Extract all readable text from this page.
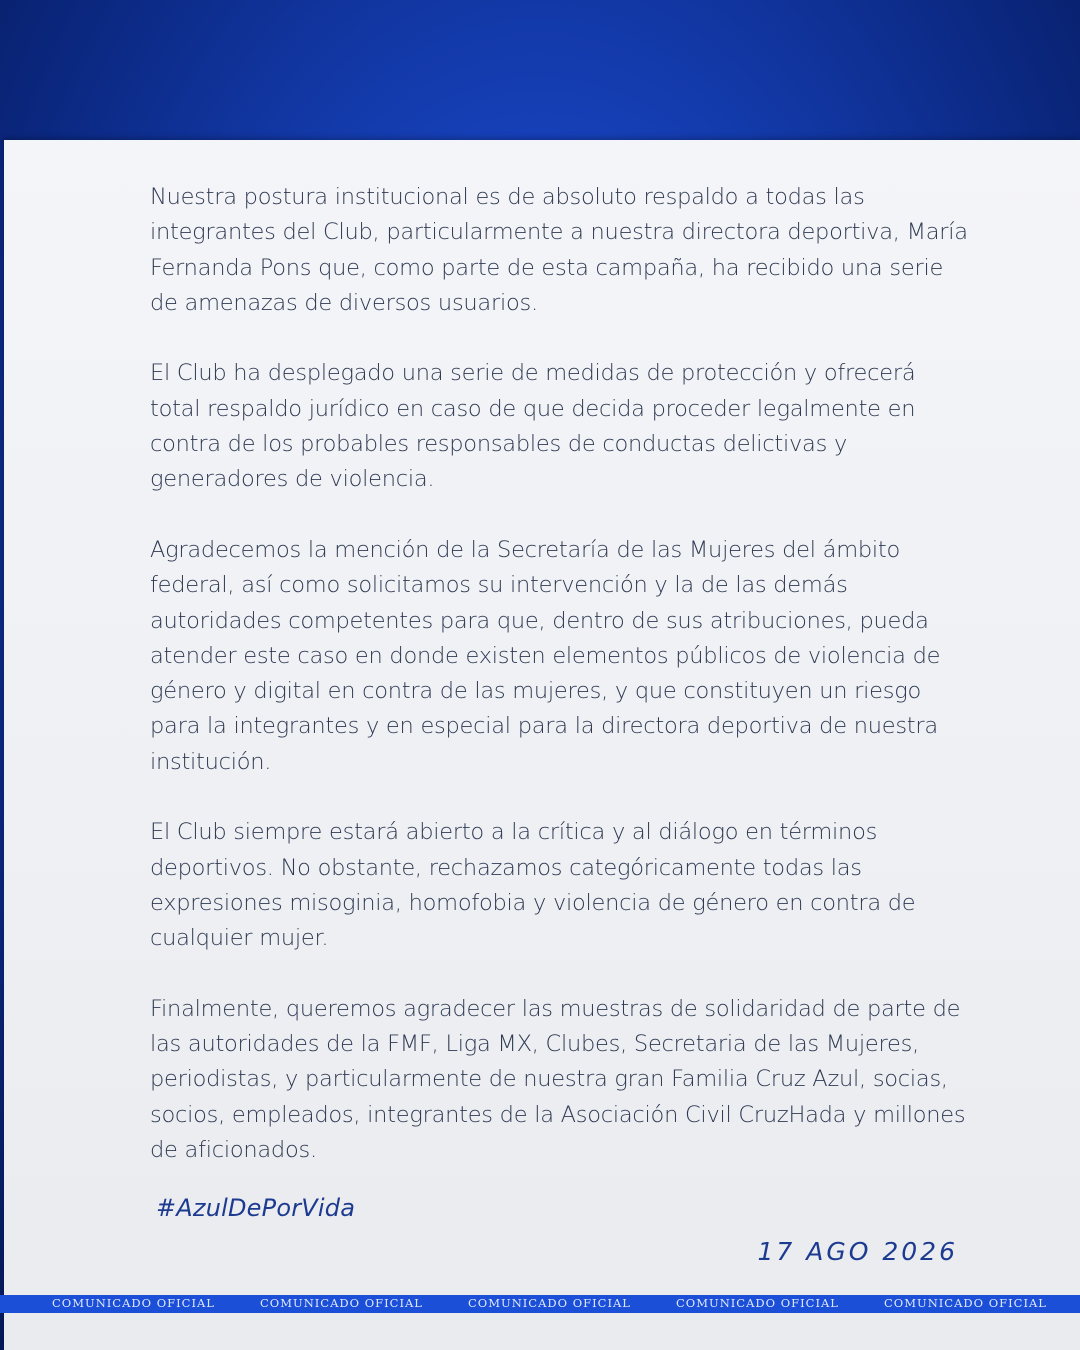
Nuestra postura institucional es de absoluto respaldo a todas las integrantes del Club, particularmente a nuestra directora deportiva, María Fernanda Pons que, como parte de esta campaña, ha recibido una serie de amenazas de diversos usuarios.

El Club ha desplegado una serie de medidas de protección y ofrecerá total respaldo jurídico en caso de que decida proceder legalmente en contra de los probables responsables de conductas delictivas y generadores de violencia.

Agradecemos la mención de la Secretaría de las Mujeres del ámbito federal, así como solicitamos su intervención y la de las demás autoridades competentes para que, dentro de sus atribuciones, pueda atender este caso en donde existen elementos públicos de violencia de género y digital en contra de las mujeres, y que constituyen un riesgo para la integrantes y en especial para la directora deportiva de nuestra institución.

El Club siempre estará abierto a la crítica y al diálogo en términos deportivos. No obstante, rechazamos categóricamente todas las expresiones misoginia, homofobia y violencia de género en contra de cualquier mujer.

Finalmente, queremos agradecer las muestras de solidaridad de parte de las autoridades de la FMF, Liga MX, Clubes, Secretaria de las Mujeres, periodistas, y particularmente de nuestra gran Familia Cruz Azul, socias, socios, empleados, integrantes de la Asociación Civil CruzHada y millones de aficionados.

#AzulDePorVida
17 AGO 2026
COMUNICADO OFICIAL	COMUNICADO OFICIAL	COMUNICADO OFICIAL	COMUNICADO OFICIAL	COMUNICADO OFICIAL
